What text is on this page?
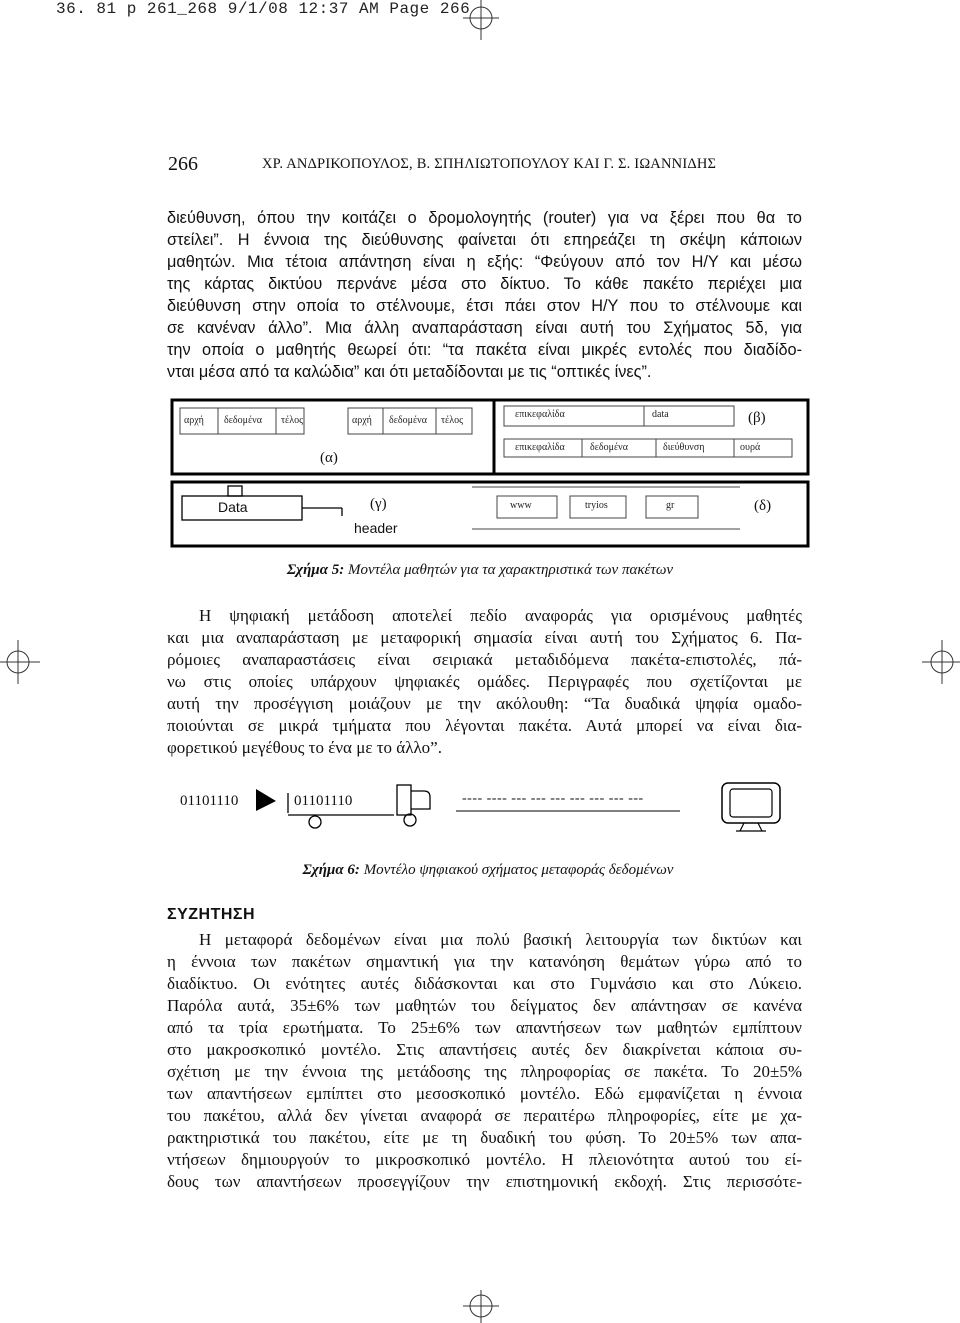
36. 81 p 261_268 9/1/08 12:37 AM Page 266
266	ΧΡ. ΑΝΔΡΙΚΟΠΟΥΛΟΣ, Β. ΣΠΗΛΙΩΤΟΠΟΥΛΟΥ ΚΑΙ Γ. Σ. ΙΩΑΝΝΙΔΗΣ

διεύθυνση, όπου την κοιτάζει ο δρομολογητής (router) για να ξέρει που θα το

στείλει”. Η έννοια της διεύθυνσης φαίνεται ότι επηρεάζει τη σκέψη κάποιων

μαθητών. Μια τέτοια απάντηση είναι η εξής: “Φεύγουν από τον Η/Υ και μέσω

της κάρτας δικτύου περνάνε μέσα στο δίκτυο. Το κάθε πακέτο περιέχει μια

διεύθυνση στην οποία το στέλνουμε, έτσι πάει στον Η/Υ που το στέλνουμε και

σε κανέναν άλλο”. Μια άλλη αναπαράσταση είναι αυτή του Σχήματος 5δ, για

την οποία ο μαθητής θεωρεί ότι: “τα πακέτα είναι μικρές εντολές που διαδίδο-

νται μέσα από τα καλώδια” και ότι μεταδίδονται με τις “οπτικές ίνες”.

αρχή δεδομένα τέλος	αρχή δεδομένα τέλος
(α)
επικεφαλίδα	data	(β)
επικεφαλίδα	δεδομένα	διεύθυνση	ουρά
Data	(γ)
header
www	tryios	gr	(δ)
Σχήμα 5: Μοντέλα μαθητών για τα χαρακτηριστικά των πακέτων

Η ψηφιακή μετάδοση αποτελεί πεδίο αναφοράς για ορισμένους μαθητές

και μια αναπαράσταση με μεταφορική σημασία είναι αυτή του Σχήματος 6. Πα-

ρόμοιες αναπαραστάσεις είναι σειριακά μεταδιδόμενα πακέτα-επιστολές, πά-

νω στις οποίες υπάρχουν ψηφιακές ομάδες. Περιγραφές που σχετίζονται με

αυτή την προσέγγιση μοιάζουν με την ακόλουθη: “Τα δυαδικά ψηφία ομαδο-

ποιούνται σε μικρά τμήματα που λέγονται πακέτα. Αυτά μπορεί να είναι δια-

φορετικού μεγέθους το ένα με το άλλο”.

01101110	01101110	---- ---- --- --- --- --- --- --- ---
Σχήμα 6: Μοντέλο ψηφιακού σχήματος μεταφοράς δεδομένων
ΣΥΖΗΤΗΣΗ

Η μεταφορά δεδομένων είναι μια πολύ βασική λειτουργία των δικτύων και

η έννοια των πακέτων σημαντική για την κατανόηση θεμάτων γύρω από το

διαδίκτυο. Οι ενότητες αυτές διδάσκονται και στο Γυμνάσιο και στο Λύκειο.

Παρόλα αυτά, 35±6% των μαθητών του δείγματος δεν απάντησαν σε κανένα

από τα τρία ερωτήματα. Το 25±6% των απαντήσεων των μαθητών εμπίπτουν

στο μακροσκοπικό μοντέλο. Στις απαντήσεις αυτές δεν διακρίνεται κάποια συ-

σχέτιση με την έννοια της μετάδοσης της πληροφορίας σε πακέτα. Το 20±5%

των απαντήσεων εμπίπτει στο μεσοσκοπικό μοντέλο. Εδώ εμφανίζεται η έννοια

του πακέτου, αλλά δεν γίνεται αναφορά σε περαιτέρω πληροφορίες, είτε με χα-

ρακτηριστικά του πακέτου, είτε με τη δυαδική του φύση. Το 20±5% των απα-

ντήσεων δημιουργούν το μικροσκοπικό μοντέλο. Η πλειονότητα αυτού του εί-

δους των απαντήσεων προσεγγίζουν την επιστημονική εκδοχή. Στις περισσότε-
